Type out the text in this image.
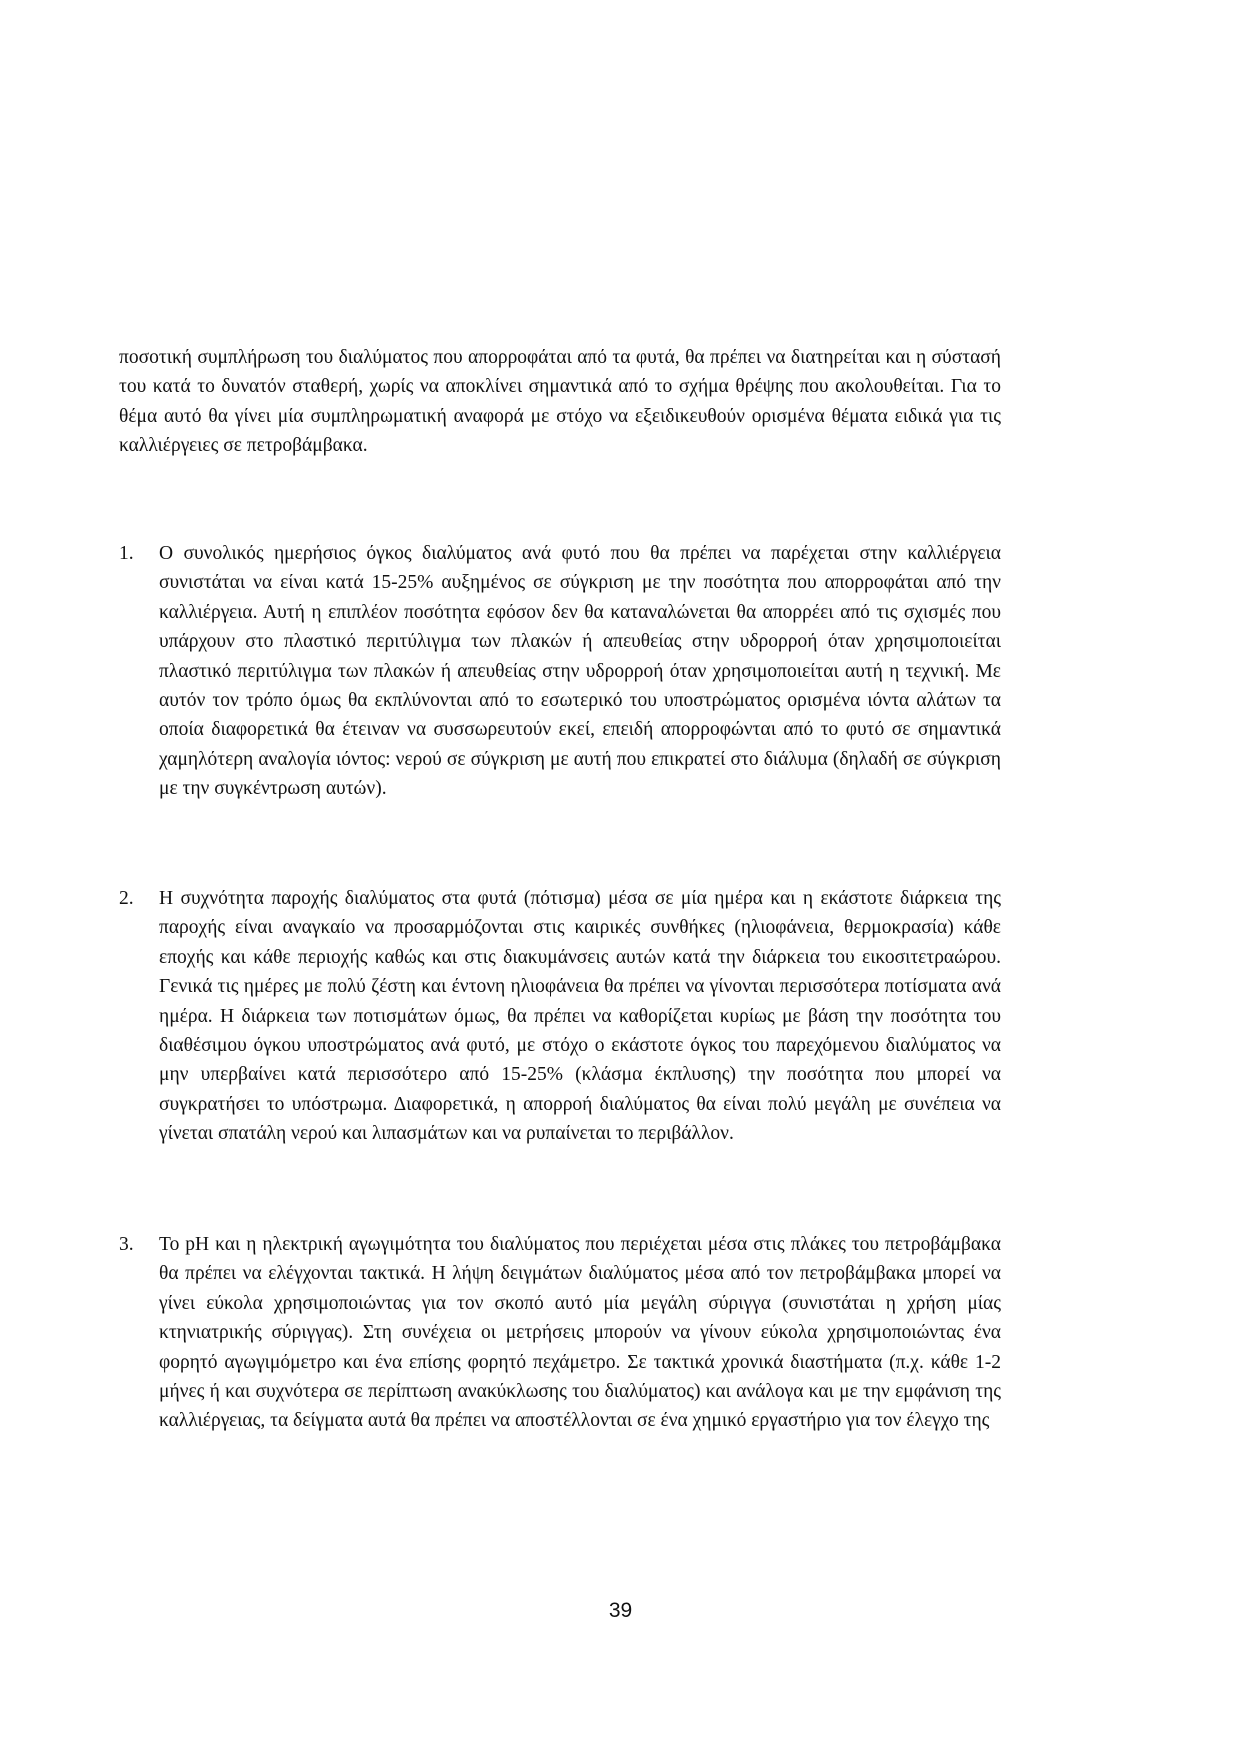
ποσοτική συμπλήρωση του διαλύματος που απορροφάται από τα φυτά, θα πρέπει να διατηρείται και η σύστασή του κατά το δυνατόν σταθερή, χωρίς να αποκλίνει σημαντικά από το σχήμα θρέψης που ακολουθείται. Για το θέμα αυτό θα γίνει μία συμπληρωματική αναφορά με στόχο να εξειδικευθούν ορισμένα θέματα ειδικά για τις καλλιέργειες σε πετροβάμβακα.

1.	Ο συνολικός ημερήσιος όγκος διαλύματος ανά φυτό που θα πρέπει να παρέχεται στην καλλιέργεια συνιστάται να είναι κατά 15-25% αυξημένος σε σύγκριση με την ποσότητα που απορροφάται από την καλλιέργεια. Αυτή η επιπλέον ποσότητα εφόσον δεν θα καταναλώνεται θα απορρέει από τις σχισμές που υπάρχουν στο πλαστικό περιτύλιγμα των πλακών ή απευθείας στην υδρορροή όταν χρησιμοποιείται πλαστικό περιτύλιγμα των πλακών ή απευθείας στην υδρορροή όταν χρησιμοποιείται αυτή η τεχνική. Με αυτόν τον τρόπο όμως θα εκπλύνονται από το εσωτερικό του υποστρώματος ορισμένα ιόντα αλάτων τα οποία διαφορετικά θα έτειναν να συσσωρευτούν εκεί, επειδή απορροφώνται από το φυτό σε σημαντικά χαμηλότερη αναλογία ιόντος: νερού σε σύγκριση με αυτή που επικρατεί στο διάλυμα (δηλαδή σε σύγκριση με την συγκέντρωση αυτών).
2.	Η συχνότητα παροχής διαλύματος στα φυτά (πότισμα) μέσα σε μία ημέρα και η εκάστοτε διάρκεια της παροχής είναι αναγκαίο να προσαρμόζονται στις καιρικές συνθήκες (ηλιοφάνεια, θερμοκρασία) κάθε εποχής και κάθε περιοχής καθώς και στις διακυμάνσεις αυτών κατά την διάρκεια του εικοσιτετραώρου. Γενικά τις ημέρες με πολύ ζέστη και έντονη ηλιοφάνεια θα πρέπει να γίνονται περισσότερα ποτίσματα ανά ημέρα. Η διάρκεια των ποτισμάτων όμως, θα πρέπει να καθορίζεται κυρίως με βάση την ποσότητα του διαθέσιμου όγκου υποστρώματος ανά φυτό, με στόχο ο εκάστοτε όγκος του παρεχόμενου διαλύματος να μην υπερβαίνει κατά περισσότερο από 15-25% (κλάσμα έκπλυσης) την ποσότητα που μπορεί να συγκρατήσει το υπόστρωμα. Διαφορετικά, η απορροή διαλύματος θα είναι πολύ μεγάλη με συνέπεια να γίνεται σπατάλη νερού και λιπασμάτων και να ρυπαίνεται το περιβάλλον.
3.	Το pH και η ηλεκτρική αγωγιμότητα του διαλύματος που περιέχεται μέσα στις πλάκες του πετροβάμβακα θα πρέπει να ελέγχονται τακτικά. Η λήψη δειγμάτων διαλύματος μέσα από τον πετροβάμβακα μπορεί να γίνει εύκολα χρησιμοποιώντας για τον σκοπό αυτό μία μεγάλη σύριγγα (συνιστάται η χρήση μίας κτηνιατρικής σύριγγας). Στη συνέχεια οι μετρήσεις μπορούν να γίνουν εύκολα χρησιμοποιώντας ένα φορητό αγωγιμόμετρο και ένα επίσης φορητό πεχάμετρο. Σε τακτικά χρονικά διαστήματα (π.χ. κάθε 1-2 μήνες ή και συχνότερα σε περίπτωση ανακύκλωσης του διαλύματος) και ανάλογα και με την εμφάνιση της καλλιέργειας, τα δείγματα αυτά θα πρέπει να αποστέλλονται σε ένα χημικό εργαστήριο για τον έλεγχο της
39
